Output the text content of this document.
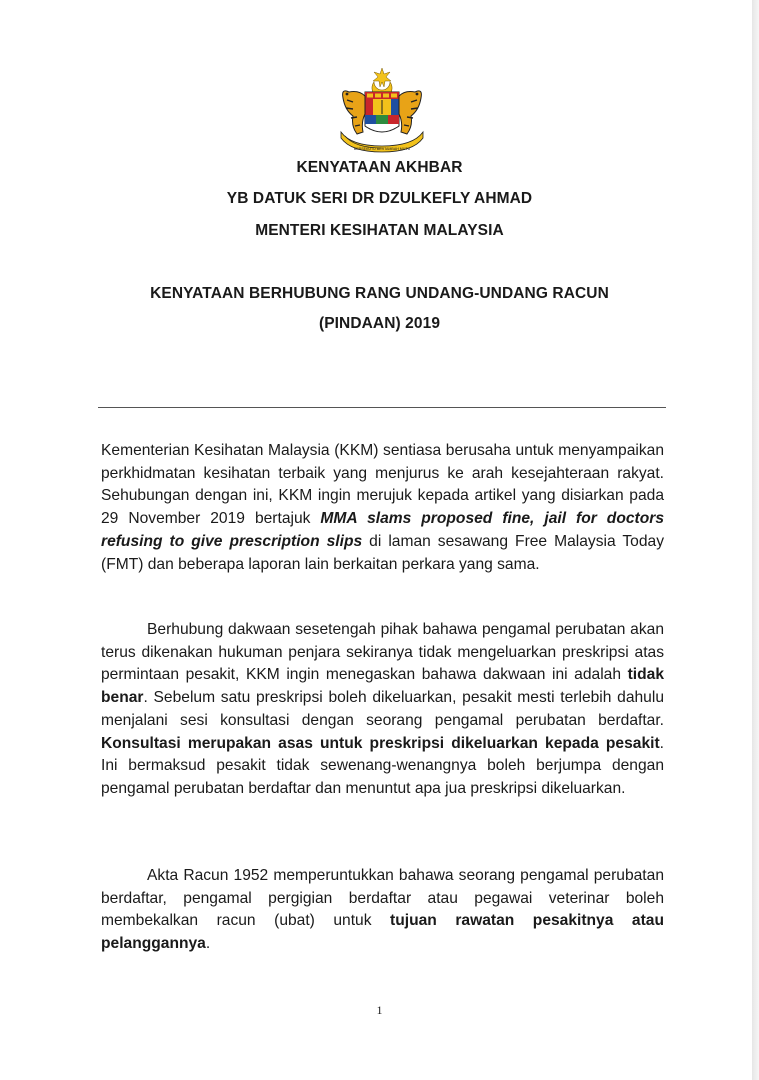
BERSEKUTU BERTAMBAH MUTU
KENYATAAN AKHBAR
YB DATUK SERI DR DZULKEFLY AHMAD
MENTERI KESIHATAN MALAYSIA
KENYATAAN BERHUBUNG RANG UNDANG-UNDANG RACUN
(PINDAAN) 2019
Kementerian Kesihatan Malaysia (KKM) sentiasa berusaha untuk menyampaikan perkhidmatan kesihatan terbaik yang menjurus ke arah kesejahteraan rakyat. Sehubungan dengan ini, KKM ingin merujuk kepada artikel yang disiarkan pada 29 November 2019 bertajuk MMA slams proposed fine, jail for doctors refusing to give prescription slips di laman sesawang Free Malaysia Today (FMT) dan beberapa laporan lain berkaitan perkara yang sama.
Berhubung dakwaan sesetengah pihak bahawa pengamal perubatan akan terus dikenakan hukuman penjara sekiranya tidak mengeluarkan preskripsi atas permintaan pesakit, KKM ingin menegaskan bahawa dakwaan ini adalah tidak benar. Sebelum satu preskripsi boleh dikeluarkan, pesakit mesti terlebih dahulu menjalani sesi konsultasi dengan seorang pengamal perubatan berdaftar. Konsultasi merupakan asas untuk preskripsi dikeluarkan kepada pesakit. Ini bermaksud pesakit tidak sewenang-wenangnya boleh berjumpa dengan pengamal perubatan berdaftar dan menuntut apa jua preskripsi dikeluarkan.
Akta Racun 1952 memperuntukkan bahawa seorang pengamal perubatan berdaftar, pengamal pergigian berdaftar atau pegawai veterinar boleh membekalkan racun (ubat) untuk tujuan rawatan pesakitnya atau pelanggannya.
1
